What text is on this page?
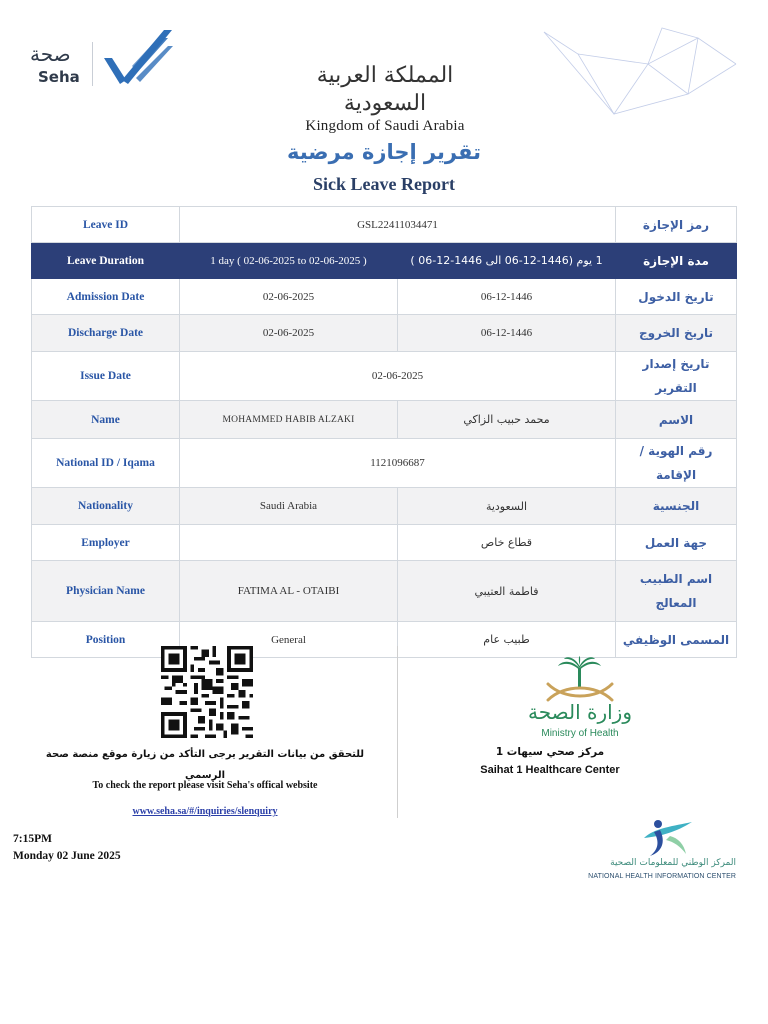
صحة
Seha	المملكة العربية السعودية
Kingdom of Saudi Arabia
تقرير إجازة مرضية
Sick Leave Report
Leave ID	GSL22411034471		رمز الإجازة
Leave Duration	1 day ( 02-06-2025 to 02-06-2025 )	1 يوم (1446-12-06 الى 1446-12-06 )	مدة الإجازة
Admission Date	02-06-2025	06-12-1446	تاريخ الدخول
Discharge Date	02-06-2025	06-12-1446	تاريخ الخروج
Issue Date	02-06-2025		تاريخ إصدار التقرير
Name	MOHAMMED HABIB ALZAKI	محمد حبيب الزاكي	الاسم
National ID / Iqama	1121096687		رقم الهوية /الإقامة
Nationality	Saudi Arabia	السعودية	الجنسية
Employer		قطاع خاص	جهة العمل
Physician Name	FATIMA AL - OTAIBI	فاطمة العتيبي	اسم الطبيب
المعالج

Position	General	طبيب عام	المسمى الوظيفي
للتحقق من بيانات التقرير يرجى التأكد من زيارة موقع منصة صحة
الرسمي
To check the report please visit Seha's offical website
www.seha.sa/#/inquiries/slenquiry
7:15PM
Monday 02 June 2025
وزارة الصحة
Ministry of Health
مركز صحي سيهات 1
Saihat 1 Healthcare Center
المركز الوطني للمعلومات الصحية
NATIONAL HEALTH INFORMATION CENTER
